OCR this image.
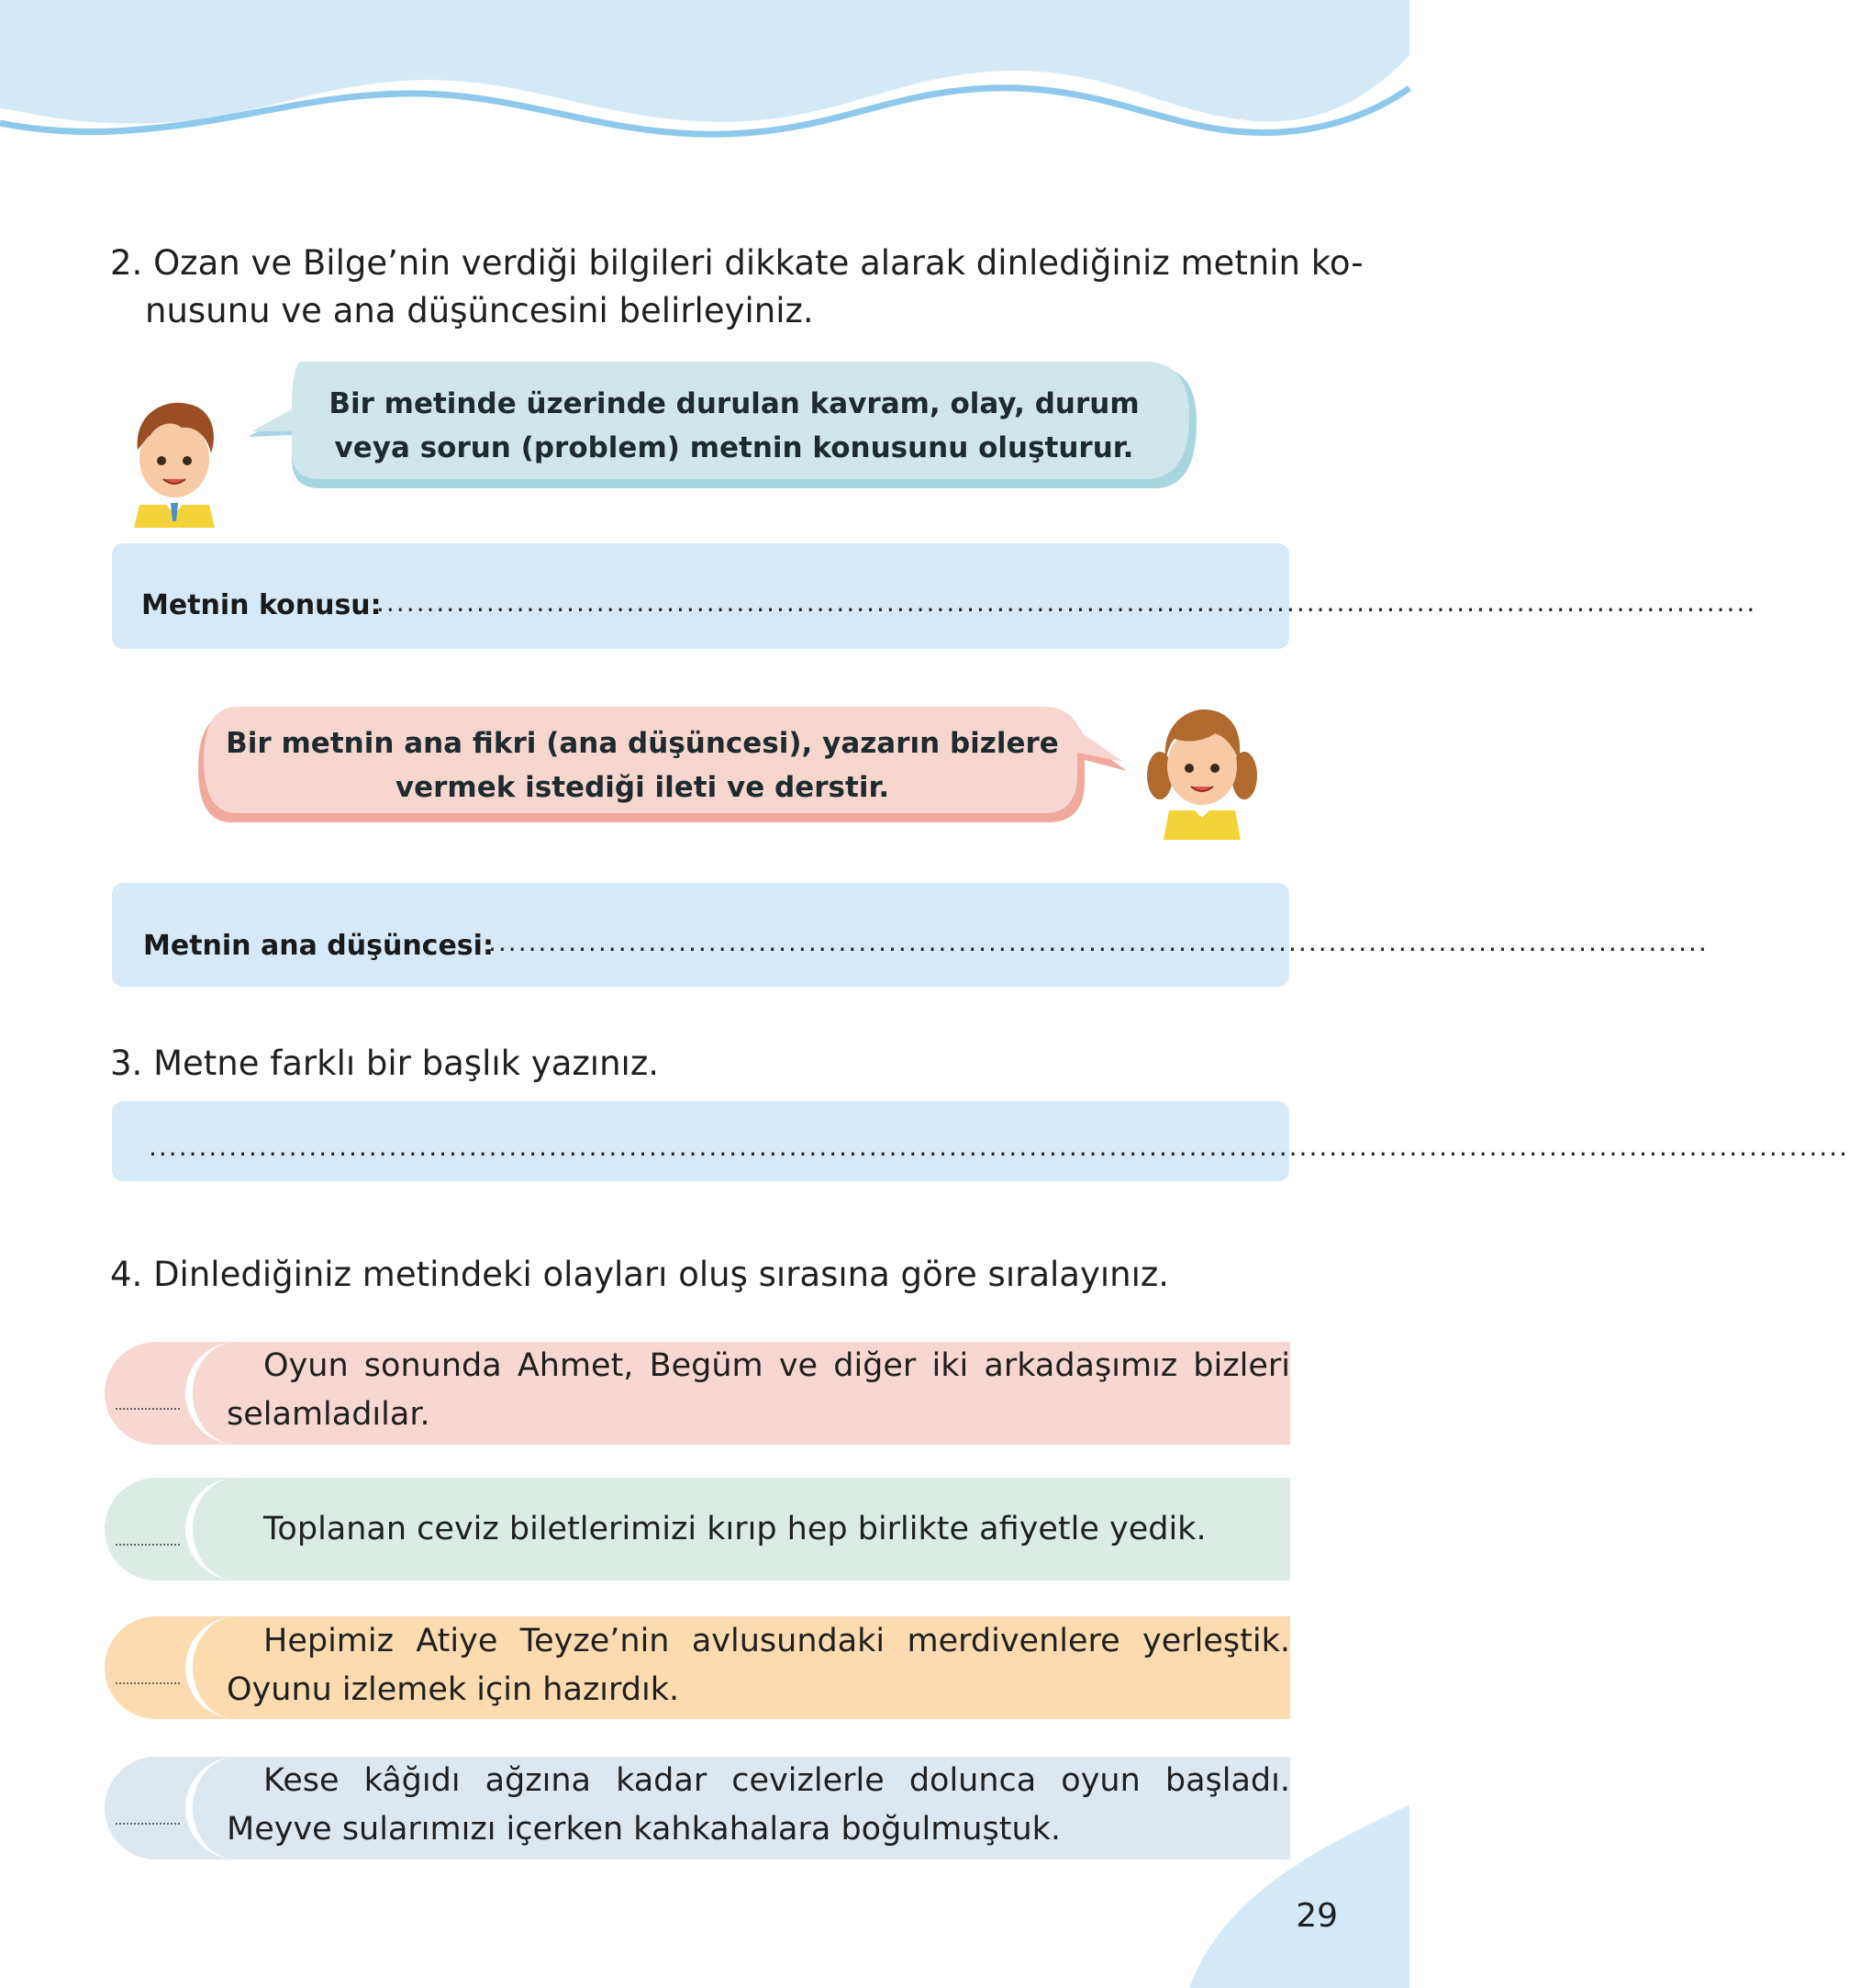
2. Ozan ve Bilge’nin verdiği bilgileri dikkate alarak dinlediğiniz metnin ko-
nusunu ve ana düşüncesini belirleyiniz.
Bir metinde üzerinde durulan kavram, olay, durum
veya sorun (problem) metnin konusunu oluşturur.
Metnin konusu:
..........................................................................................................................................
Bir metnin ana fikri (ana düşüncesi), yazarın bizlere
vermek istediği ileti ve derstir.
Metnin ana düşüncesi:
..........................................................................................................................
3. Metne farklı bir başlık yazınız.
..........................................................................................................................................................................
4. Dinlediğiniz metindeki olayları oluş sırasına göre sıralayınız.
Oyun sonunda Ahmet, Begüm ve diğer iki arkadaşımız bizleri selamladılar.
Toplanan ceviz biletlerimizi kırıp hep birlikte afiyetle yedik.
Hepimiz Atiye Teyze’nin avlusundaki merdivenlere yerleştik. Oyunu izlemek için hazırdık.
Kese kâğıdı ağzına kadar cevizlerle dolunca oyun başladı. Meyve sularımızı içerken kahkahalara boğulmuştuk.
29
